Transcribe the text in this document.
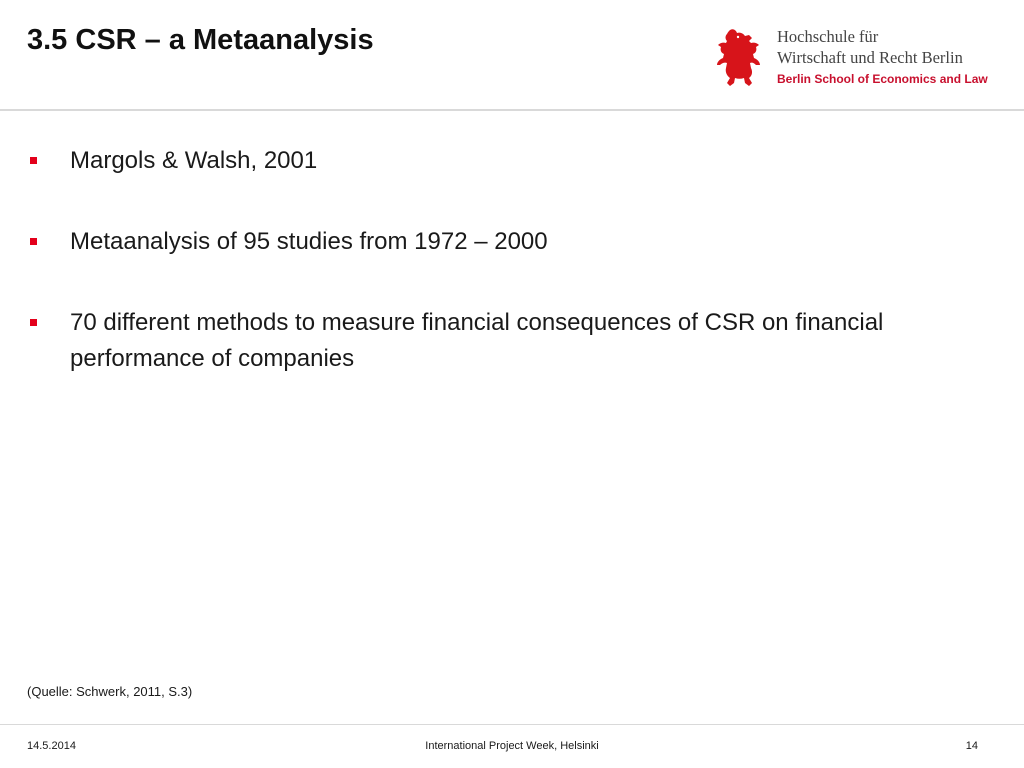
3.5 CSR – a Metaanalysis	Hochschule für
Wirtschaft und Recht Berlin
Berlin School of Economics and Law
Margols & Walsh, 2001
Metaanalysis of 95 studies from 1972 – 2000
70 different methods to measure financial consequences of CSR on financial performance of companies
(Quelle: Schwerk, 2011, S.3)
14.5.2014	International Project Week, Helsinki	14
